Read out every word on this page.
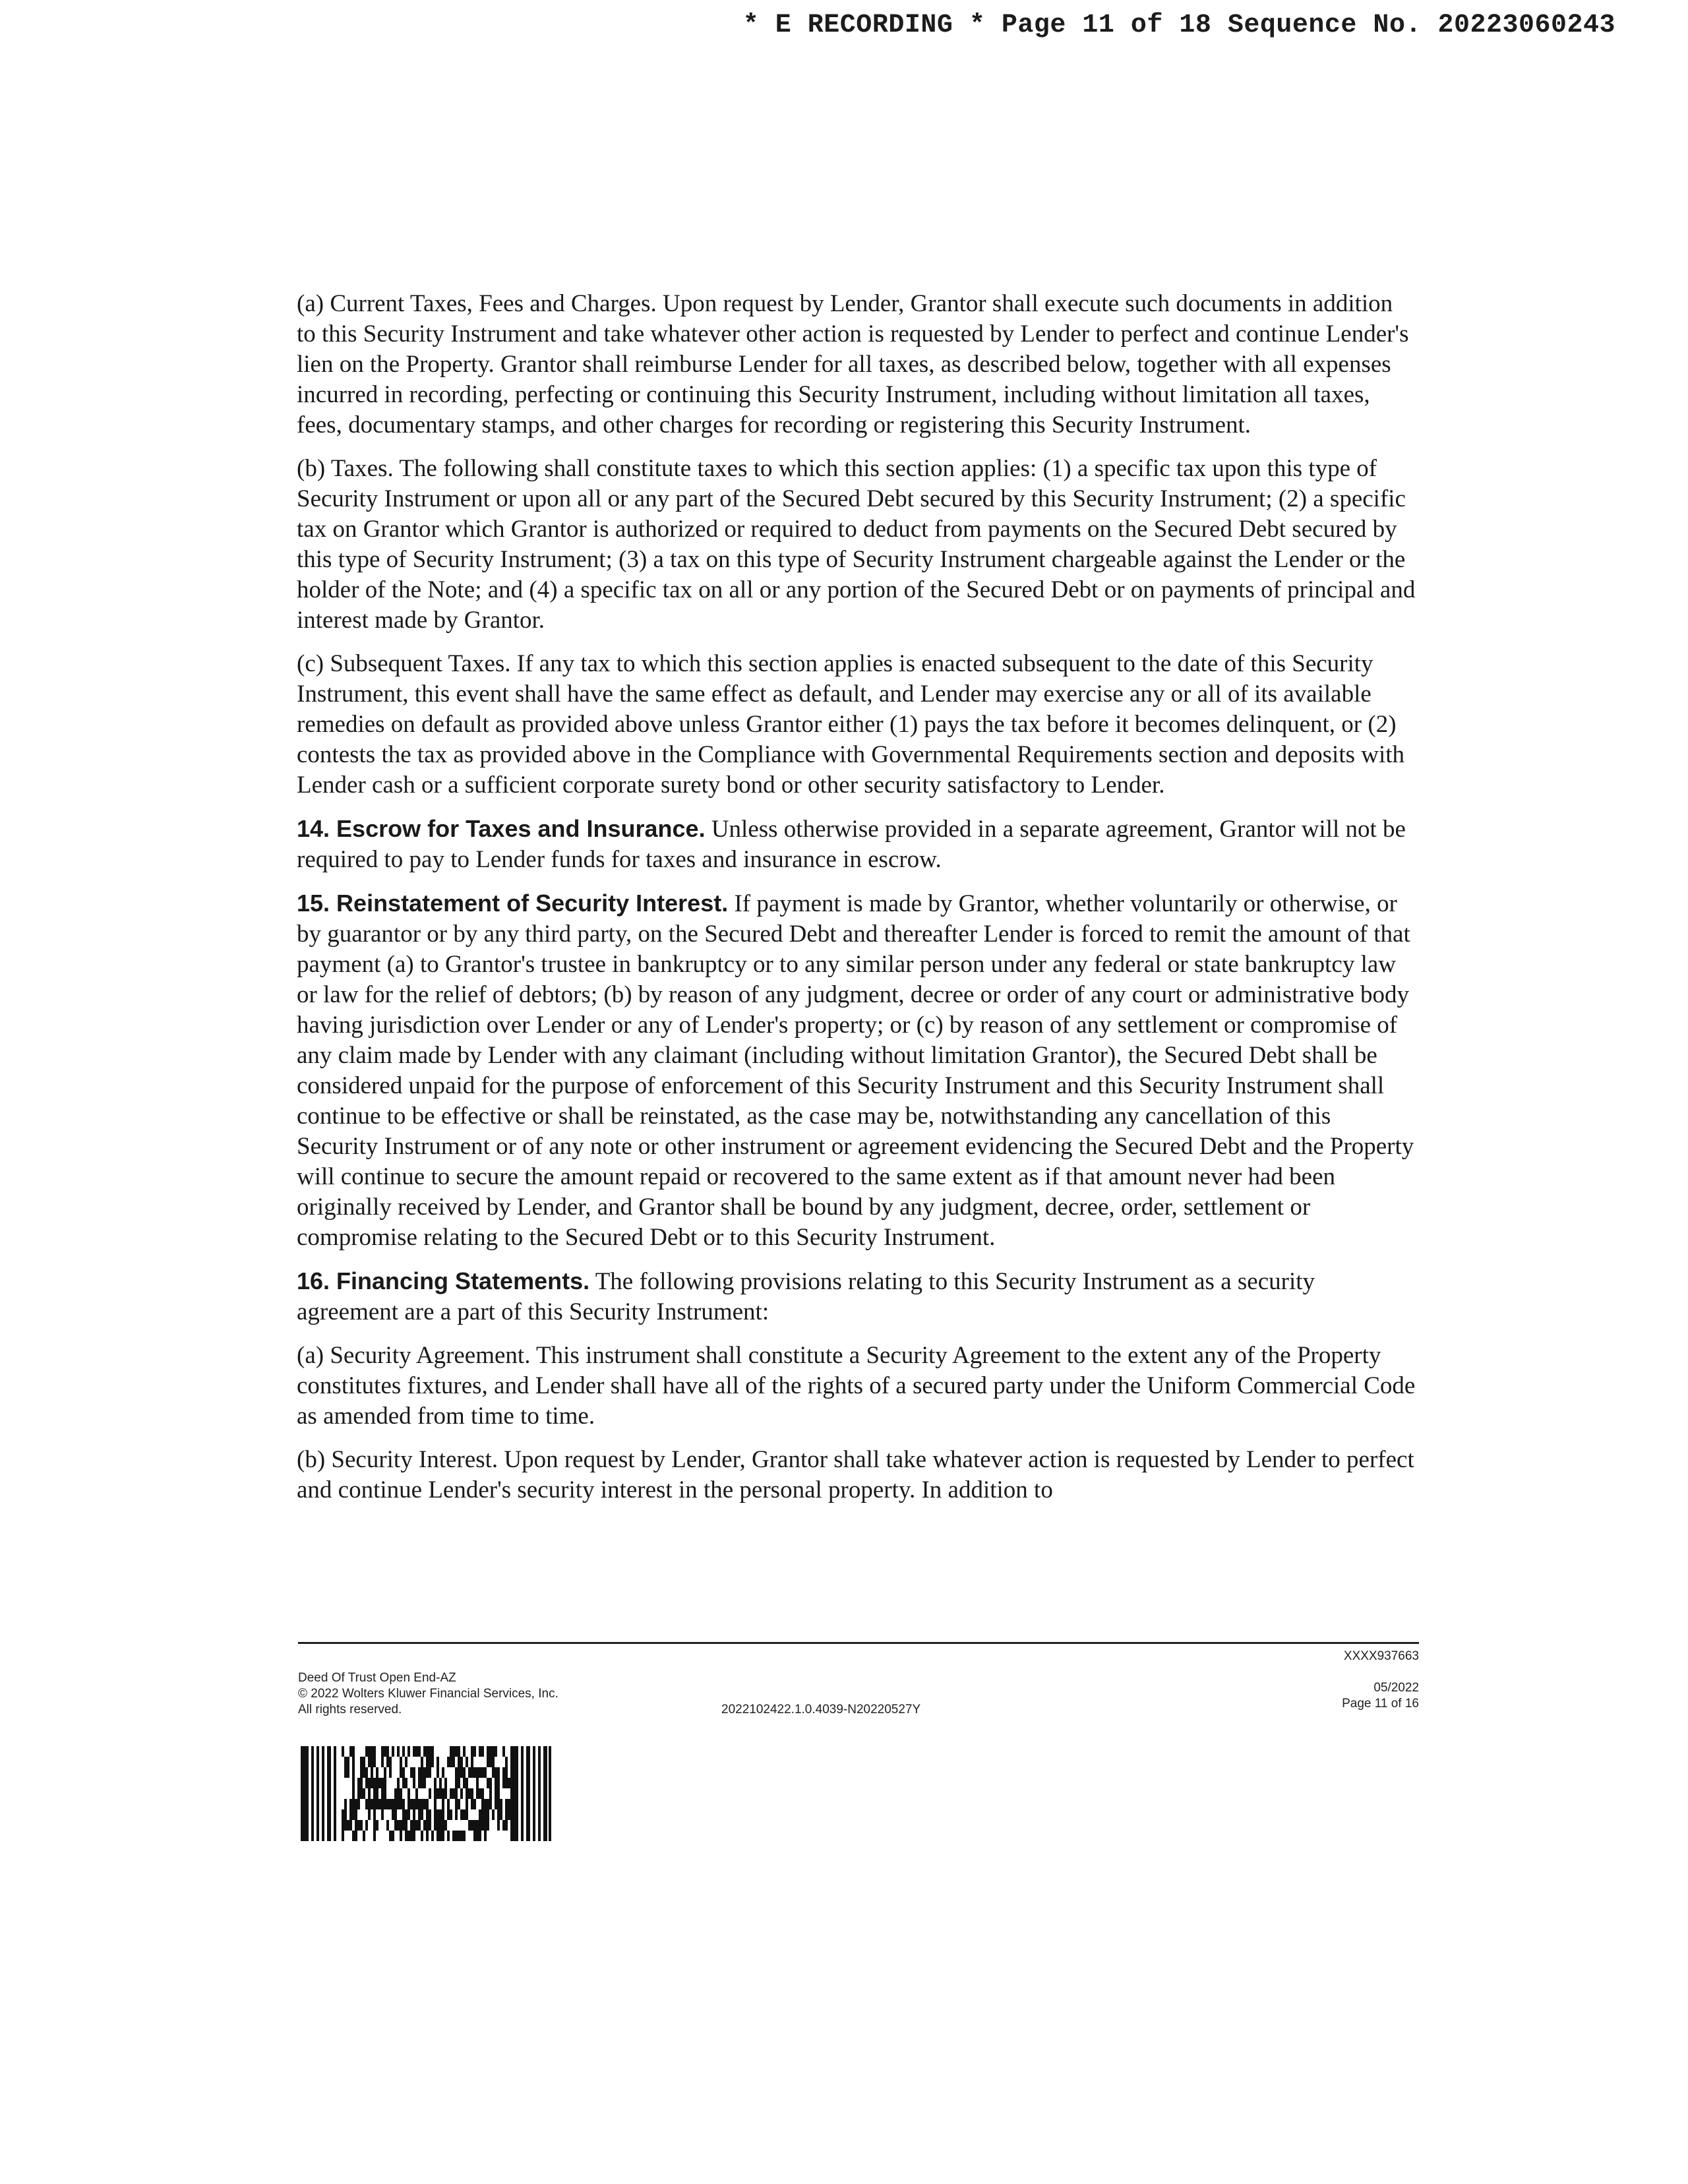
* E RECORDING * Page 11 of 18 Sequence No. 20223060243

(a) Current Taxes, Fees and Charges. Upon request by Lender, Grantor shall execute such documents in addition to this Security Instrument and take whatever other action is requested by Lender to perfect and continue Lender's lien on the Property. Grantor shall reimburse Lender for all taxes, as described below, together with all expenses incurred in recording, perfecting or continuing this Security Instrument, including without limitation all taxes, fees, documentary stamps, and other charges for recording or registering this Security Instrument.

(b) Taxes. The following shall constitute taxes to which this section applies: (1) a specific tax upon this type of Security Instrument or upon all or any part of the Secured Debt secured by this Security Instrument; (2) a specific tax on Grantor which Grantor is authorized or required to deduct from payments on the Secured Debt secured by this type of Security Instrument; (3) a tax on this type of Security Instrument chargeable against the Lender or the holder of the Note; and (4) a specific tax on all or any portion of the Secured Debt or on payments of principal and interest made by Grantor.

(c) Subsequent Taxes. If any tax to which this section applies is enacted subsequent to the date of this Security Instrument, this event shall have the same effect as default, and Lender may exercise any or all of its available remedies on default as provided above unless Grantor either (1) pays the tax before it becomes delinquent, or (2) contests the tax as provided above in the Compliance with Governmental Requirements section and deposits with Lender cash or a sufficient corporate surety bond or other security satisfactory to Lender.

14. Escrow for Taxes and Insurance. Unless otherwise provided in a separate agreement, Grantor will not be required to pay to Lender funds for taxes and insurance in escrow.

15. Reinstatement of Security Interest. If payment is made by Grantor, whether voluntarily or otherwise, or by guarantor or by any third party, on the Secured Debt and thereafter Lender is forced to remit the amount of that payment (a) to Grantor's trustee in bankruptcy or to any similar person under any federal or state bankruptcy law or law for the relief of debtors; (b) by reason of any judgment, decree or order of any court or administrative body having jurisdiction over Lender or any of Lender's property; or (c) by reason of any settlement or compromise of any claim made by Lender with any claimant (including without limitation Grantor), the Secured Debt shall be considered unpaid for the purpose of enforcement of this Security Instrument and this Security Instrument shall continue to be effective or shall be reinstated, as the case may be, notwithstanding any cancellation of this Security Instrument or of any note or other instrument or agreement evidencing the Secured Debt and the Property will continue to secure the amount repaid or recovered to the same extent as if that amount never had been originally received by Lender, and Grantor shall be bound by any judgment, decree, order, settlement or compromise relating to the Secured Debt or to this Security Instrument.

16. Financing Statements. The following provisions relating to this Security Instrument as a security agreement are a part of this Security Instrument:

(a) Security Agreement. This instrument shall constitute a Security Agreement to the extent any of the Property constitutes fixtures, and Lender shall have all of the rights of a secured party under the Uniform Commercial Code as amended from time to time.

(b) Security Interest. Upon request by Lender, Grantor shall take whatever action is requested by Lender to perfect and continue Lender's security interest in the personal property. In addition to

Deed Of Trust Open End-AZ
© 2022 Wolters Kluwer Financial Services, Inc.
All rights reserved.	2022102422.1.0.4039-N20220527Y
XXXX937663
05/2022
Page 11 of 16
